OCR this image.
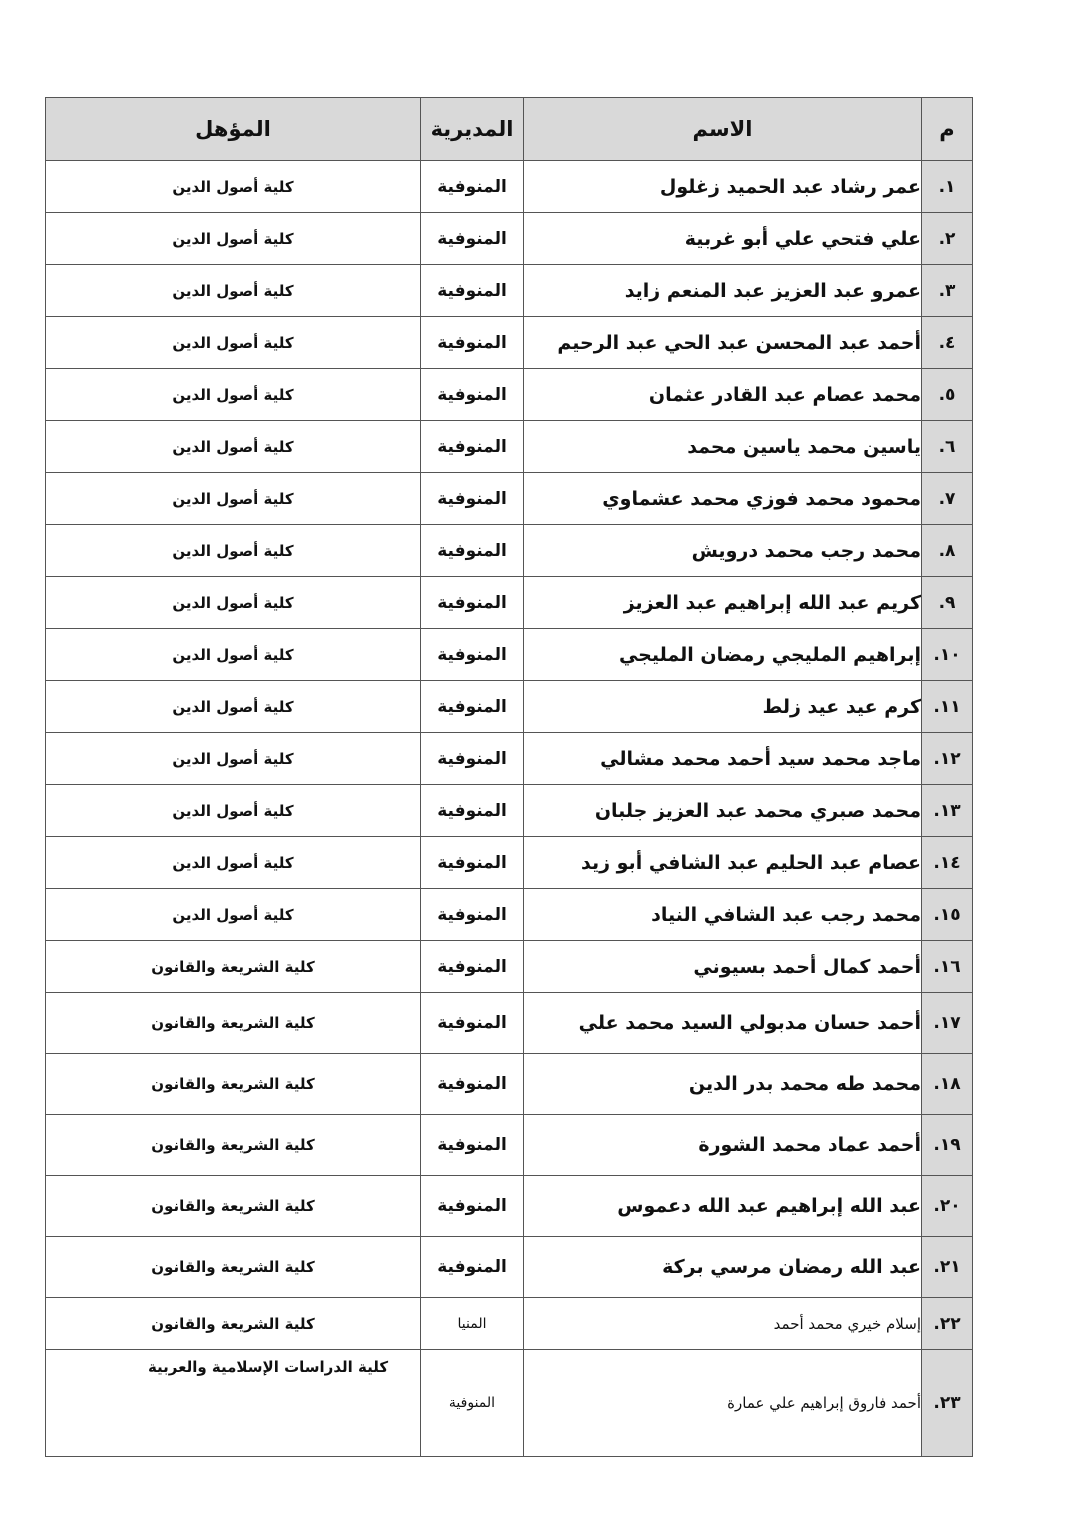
م	الاسم	المديرية	المؤهل
١.	عمر رشاد عبد الحميد زغلول	المنوفية	كلية أصول الدين
٢.	علي فتحي علي أبو غربية	المنوفية	كلية أصول الدين
٣.	عمرو عبد العزيز عبد المنعم زايد	المنوفية	كلية أصول الدين
٤.	أحمد عبد المحسن عبد الحي عبد الرحيم	المنوفية	كلية أصول الدين
٥.	محمد عصام عبد القادر عثمان	المنوفية	كلية أصول الدين
٦.	ياسين محمد ياسين محمد	المنوفية	كلية أصول الدين
٧.	محمود محمد فوزي محمد عشماوي	المنوفية	كلية أصول الدين
٨.	محمد رجب محمد درويش	المنوفية	كلية أصول الدين
٩.	كريم عبد الله إبراهيم عبد العزيز	المنوفية	كلية أصول الدين
١٠.	إبراهيم المليجي رمضان المليجي	المنوفية	كلية أصول الدين
١١.	كرم عيد عيد زلط	المنوفية	كلية أصول الدين
١٢.	ماجد محمد سيد أحمد محمد مشالي	المنوفية	كلية أصول الدين
١٣.	محمد صبري محمد عبد العزيز جلبان	المنوفية	كلية أصول الدين
١٤.	عصام عبد الحليم عبد الشافي أبو زيد	المنوفية	كلية أصول الدين
١٥.	محمد رجب عبد الشافي النياد	المنوفية	كلية أصول الدين
١٦.	أحمد كمال أحمد بسيوني	المنوفية	كلية الشريعة والقانون
١٧.	أحمد حسان مدبولي السيد محمد علي	المنوفية	كلية الشريعة والقانون
١٨.	محمد طه محمد بدر الدين	المنوفية	كلية الشريعة والقانون
١٩.	أحمد عماد محمد الشورة	المنوفية	كلية الشريعة والقانون
٢٠.	عبد الله إبراهيم عبد الله دعموس	المنوفية	كلية الشريعة والقانون
٢١.	عبد الله رمضان مرسي بركة	المنوفية	كلية الشريعة والقانون
٢٢.	إسلام خيري محمد أحمد	المنيا	كلية الشريعة والقانون
٢٣.	أحمد فاروق إبراهيم علي عمارة	المنوفية	كلية الدراسات الإسلامية والعربية
